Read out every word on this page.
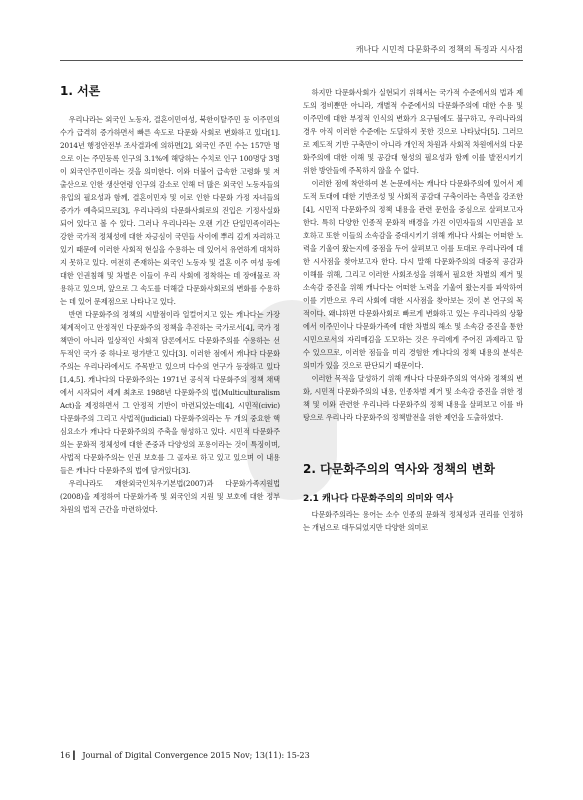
캐나다 시민적 다문화주의 정책의 특징과 시사점
1. 서론

우리나라는 외국인 노동자, 결혼이민여성, 북한이탈주민 등 이주민의 수가 급격히 증가하면서 빠른 속도로 다문화 사회로 변화하고 있다[1]. 2014년 행정안전부 조사결과에 의하면[2], 외국인 주민 수는 157만 명으로 이는 주민등록 인구의 3.1%에 해당하는 수치로 인구 100명당 3명이 외국인주민이라는 것을 의미한다. 이와 더불어 급속한 고령화 및 저출산으로 인한 생산연령 인구의 감소로 인해 더 많은 외국인 노동자들의 유입의 필요성과 함께, 결혼이민자 및 이로 인한 다문화 가정 자녀들의 증가가 예측되므로[3], 우리나라의 다문화사회로의 진입은 기정사실화되어 있다고 볼 수 있다. 그러나 우리나라는 오랜 기간 단일민족이라는 강한 국가적 정체성에 대한 자긍심이 국민들 사이에 뿌리 깊게 자리하고 있기 때문에 이러한 사회적 현실을 수용하는 데 있어서 유연하게 대처하지 못하고 있다. 여전히 존재하는 외국인 노동자 및 결혼 이주 여성 등에 대한 인권침해 및 차별은 이들이 우리 사회에 정착하는 데 장애물로 작용하고 있으며, 앞으로 그 속도를 더해갈 다문화사회로의 변화를 수용하는 데 있어 문제점으로 나타나고 있다.

반면 다문화주의 정책의 시발점이라 일컬어지고 있는 캐나다는 가장 체계적이고 안정적인 다문화주의 정책을 추진하는 국가로서[4], 국가 정책만이 아니라 일상적인 사회적 담론에서도 다문화주의를 수용하는 선두적인 국가 중 하나로 평가받고 있다[3]. 이러한 점에서 캐나다 다문화주의는 우리나라에서도 주목받고 있으며 다수의 연구가 등장하고 있다[1,4,5]. 캐나다의 다문화주의는 1971년 공식적 다문화주의 정책 채택에서 시작되어 세계 최초로 1988년 다문화주의 법(Multiculturalism Act)을 제정하면서 그 안정적 기반이 마련되었는데[4], 시민적(civic) 다문화주의 그리고 사법적(judicial) 다문화주의라는 두 개의 중요한 핵심요소가 캐나다 다문화주의의 주축을 형성하고 있다. 시민적 다문화주의는 문화적 정체성에 대한 존중과 다양성의 포용이라는 것이 특징이며, 사법적 다문화주의는 인권 보호를 그 골자로 하고 있고 있으며 이 내용들은 캐나다 다문화주의 법에 담겨있다[3].

우리나라도 재한외국인처우기본법(2007)과 다문화가족지원법(2008)을 제정하여 다문화가족 및 외국인의 지원 및 보호에 대한 정부차원의 법적 근간을 마련하였다.

하지만 다문화사회가 실현되기 위해서는 국가적 수준에서의 법과 제도의 정비뿐만 아니라, 개별적 수준에서의 다문화주의에 대한 수용 및 이주민에 대한 부정적 인식의 변화가 요구됨에도 불구하고, 우리나라의 경우 아직 이러한 수준에는 도달하지 못한 것으로 나타났다[5]. 그러므로 제도적 기반 구축만이 아니라 개인적 차원과 사회적 차원에서의 다문화주의에 대한 이해 및 공감대 형성의 필요성과 함께 이를 발전시키기 위한 방안들에 주목하지 않을 수 없다.

이러한 점에 착안하여 본 논문에서는 캐나다 다문화주의에 있어서 제도적 토대에 대한 기반조성 및 사회적 공감대 구축이라는 측면을 강조한[4], 시민적 다문화주의 정책 내용을 관련 문헌을 중심으로 살펴보고자 한다. 특히 다양한 인종적 문화적 배경을 가진 이민자들의 시민권을 보호하고 또한 이들의 소속감을 증대시키기 위해 캐나다 사회는 어떠한 노력을 기울여 왔는지에 중점을 두어 살펴보고 이를 토대로 우리나라에 대한 시사점을 찾아보고자 한다. 다시 말해 다문화주의의 대중적 공감과 이해를 위해, 그리고 이러한 사회조성을 위해서 필요한 차별의 제거 및 소속감 증진을 위해 캐나다는 어떠한 노력을 기울여 왔는지를 파악하여 이를 기반으로 우리 사회에 대한 시사점을 찾아보는 것이 본 연구의 목적이다. 왜냐하면 다문화사회로 빠르게 변화하고 있는 우리나라의 상황에서 이주민이나 다문화가족에 대한 차별의 해소 및 소속감 증진을 통한 시민으로서의 자리매김을 도모하는 것은 우리에게 주어진 과제라고 할 수 있으므로, 이러한 점들을 미리 경험한 캐나다의 정책 내용의 분석은 의미가 있을 것으로 판단되기 때문이다.

이러한 목적을 달성하기 위해 캐나다 다문화주의의 역사와 정책의 변화, 시민적 다문화주의의 내용, 인종차별 제거 및 소속감 증진을 위한 정책 및 이와 관련한 우리나라 다문화주의 정책 내용을 살펴보고 이를 바탕으로 우리나라 다문화주의 정책발전을 위한 제언을 도출하였다.

2. 다문화주의의 역사와 정책의 변화
2.1 캐나다 다문화주의의 의미와 역사

다문화주의라는 용어는 소수 인종의 문화적 정체성과 권리를 인정하는 개념으로 대두되었지만 다양한 의미로

16 ▎ Journal of Digital Convergence 2015 Nov; 13(11): 15-23
